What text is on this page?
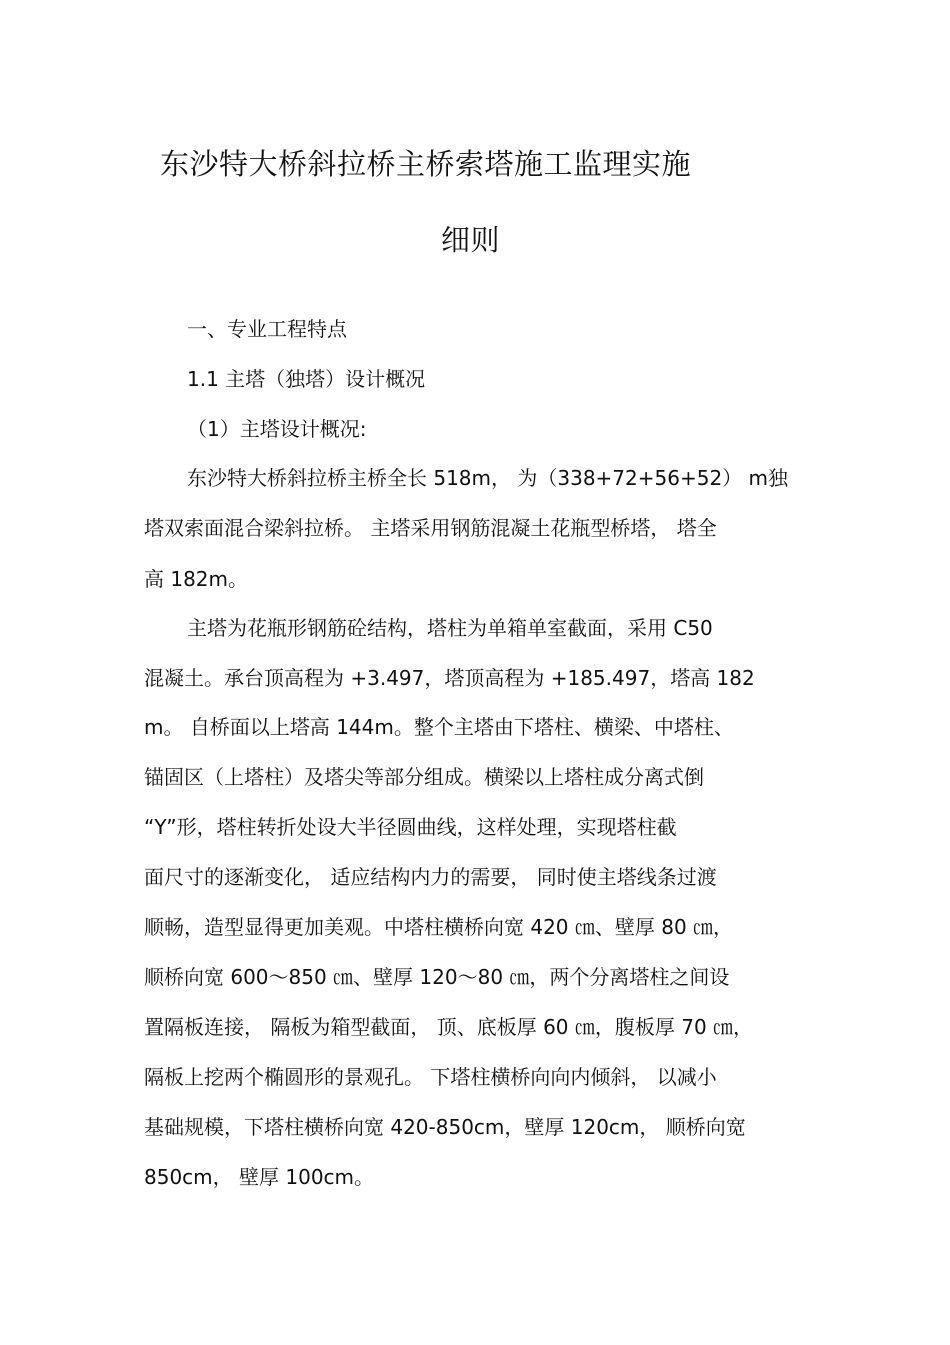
东沙特大桥斜拉桥主桥索塔施工监理实施
细则
一、专业工程特点
1.1 主塔（独塔）设计概况
（1）主塔设计概况:
东沙特大桥斜拉桥主桥全长 518m， 为（338+72+56+52） m独
塔双索面混合梁斜拉桥。 主塔采用钢筋混凝土花瓶型桥塔， 塔全
高 182m。
主塔为花瓶形钢筋砼结构，塔柱为单箱单室截面，采用 C50
混凝土。承台顶高程为 +3.497，塔顶高程为 +185.497，塔高 182
m。 自桥面以上塔高 144m。整个主塔由下塔柱、横梁、中塔柱、
锚固区（上塔柱）及塔尖等部分组成。横梁以上塔柱成分离式倒
“Y”形，塔柱转折处设大半径圆曲线，这样处理，实现塔柱截
面尺寸的逐渐变化， 适应结构内力的需要， 同时使主塔线条过渡
顺畅，造型显得更加美观。中塔柱横桥向宽 420 ㎝、壁厚 80 ㎝，
顺桥向宽 600～850 ㎝、壁厚 120～80 ㎝，两个分离塔柱之间设
置隔板连接， 隔板为箱型截面， 顶、底板厚 60 ㎝，腹板厚 70 ㎝，
隔板上挖两个椭圆形的景观孔。 下塔柱横桥向向内倾斜， 以减小
基础规模，下塔柱横桥向宽 420-850cm，壁厚 120cm， 顺桥向宽
850cm， 壁厚 100cm。
